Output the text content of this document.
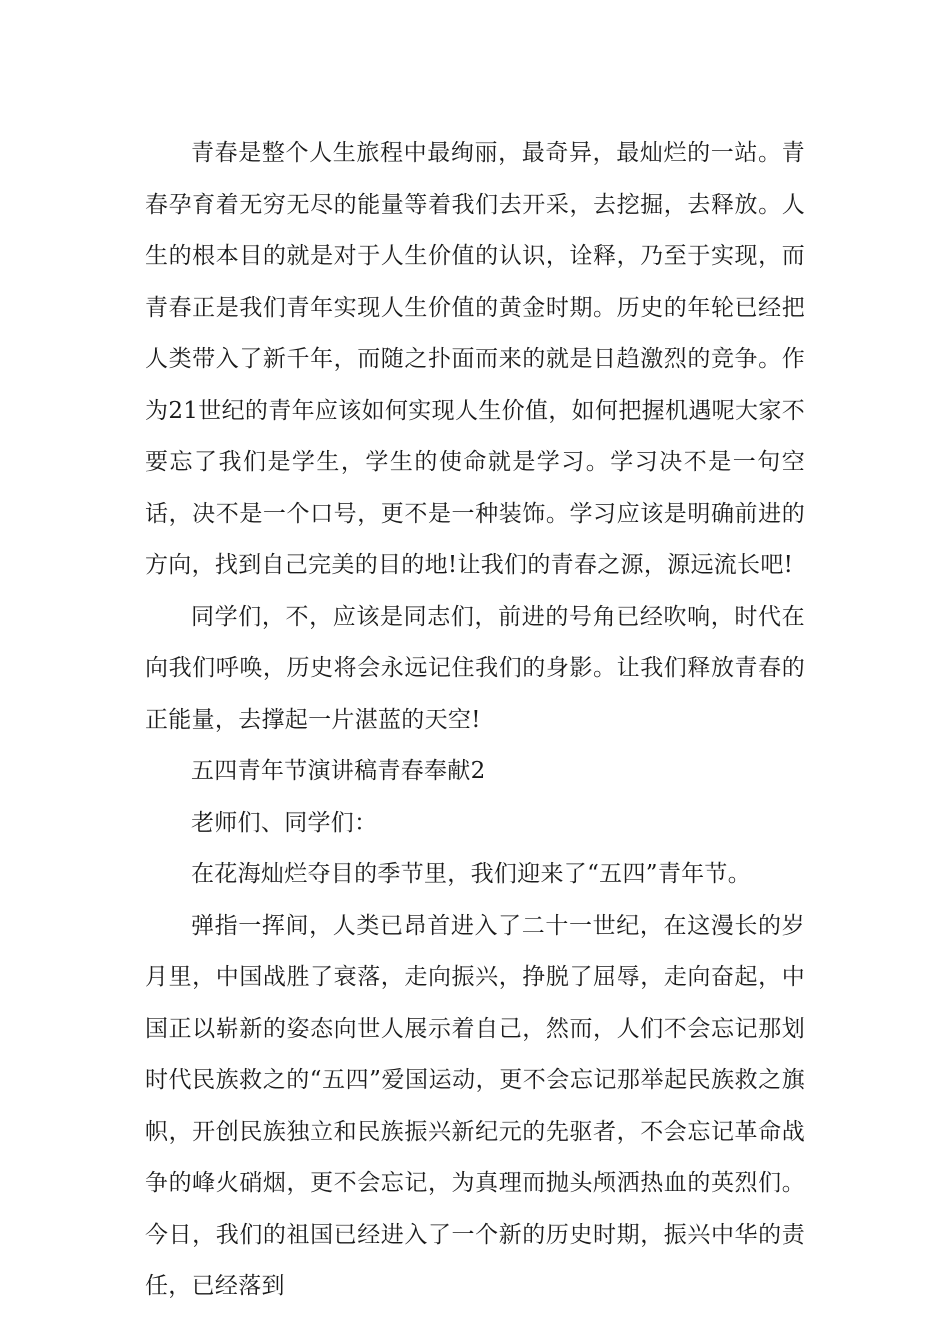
青春是整个人生旅程中最绚丽，最奇异，最灿烂的一站。青春孕育着无穷无尽的能量等着我们去开采，去挖掘，去释放。人生的根本目的就是对于人生价值的认识，诠释，乃至于实现，而青春正是我们青年实现人生价值的黄金时期。历史的年轮已经把人类带入了新千年，而随之扑面而来的就是日趋激烈的竞争。作为21世纪的青年应该如何实现人生价值，如何把握机遇呢大家不要忘了我们是学生，学生的使命就是学习。学习决不是一句空话，决不是一个口号，更不是一种装饰。学习应该是明确前进的方向，找到自己完美的目的地!让我们的青春之源，源远流长吧!

同学们，不，应该是同志们，前进的号角已经吹响，时代在向我们呼唤，历史将会永远记住我们的身影。让我们释放青春的正能量，去撑起一片湛蓝的天空!

五四青年节演讲稿青春奉献2

老师们、同学们：

在花海灿烂夺目的季节里，我们迎来了“五四”青年节。

弹指一挥间，人类已昂首进入了二十一世纪，在这漫长的岁月里，中国战胜了衰落，走向振兴，挣脱了屈辱，走向奋起，中国正以崭新的姿态向世人展示着自己，然而，人们不会忘记那划时代民族救之的“五四”爱国运动，更不会忘记那举起民族救之旗帜，开创民族独立和民族振兴新纪元的先驱者，不会忘记革命战争的峰火硝烟，更不会忘记，为真理而抛头颅洒热血的英烈们。今日，我们的祖国已经进入了一个新的历史时期，振兴中华的责任，已经落到
